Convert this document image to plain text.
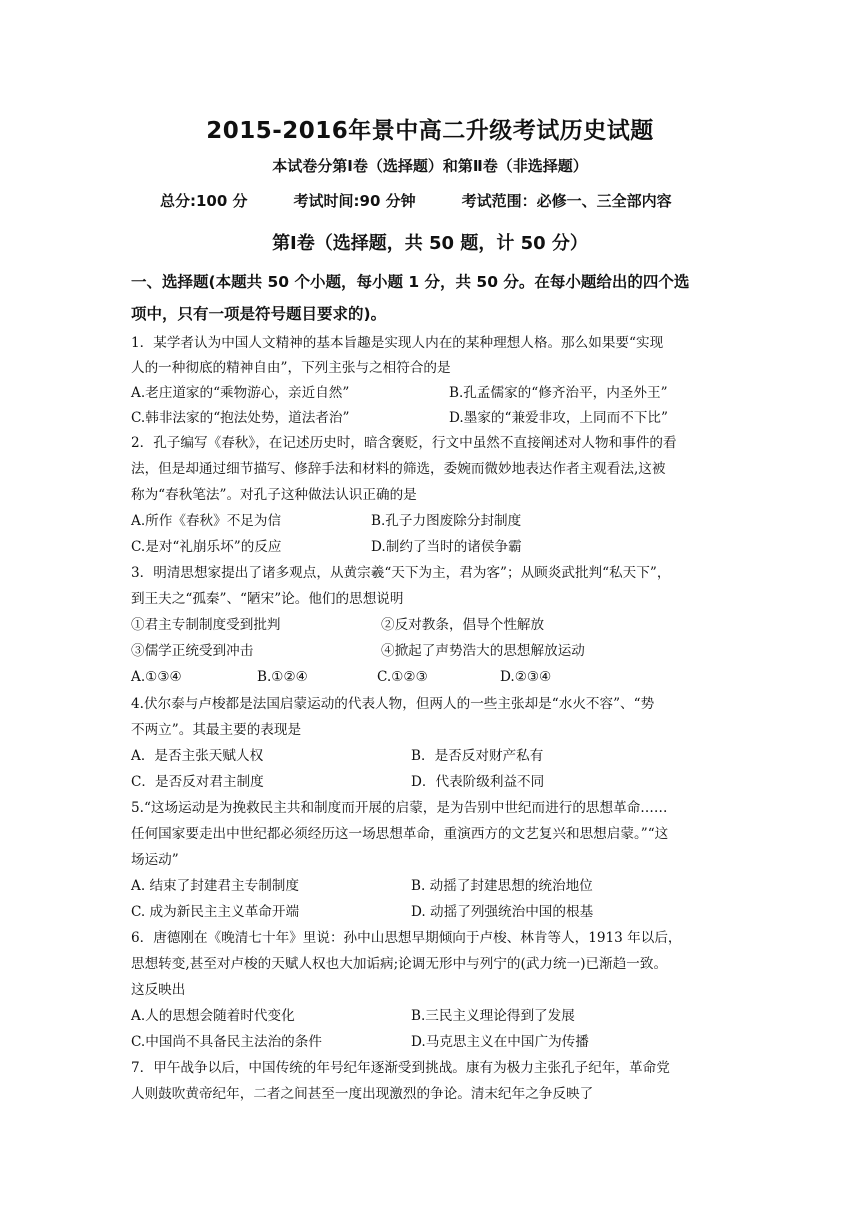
2015-2016年景中高二升级考试历史试题
本试卷分第Ⅰ卷（选择题）和第Ⅱ卷（非选择题）
总分:100 分	考试时间:90 分钟	考试范围：必修一、三全部内容
第Ⅰ卷（选择题，共 50 题，计 50 分）
一、选择题(本题共 50 个小题，每小题 1 分，共 50 分。在每小题给出的四个选
项中，只有一项是符号题目要求的)。
1．某学者认为中国人文精神的基本旨趣是实现人内在的某种理想人格。那么如果要“实现
人的一种彻底的精神自由”，下列主张与之相符合的是
A.老庄道家的“乘物游心，亲近自然”	B.孔孟儒家的“修齐治平，内圣外王”
C.韩非法家的“抱法处势，道法者治”	D.墨家的“兼爱非攻，上同而不下比”
2．孔子编写《春秋》，在记述历史时，暗含褒贬，行文中虽然不直接阐述对人物和事件的看
法，但是却通过细节描写、修辞手法和材料的筛选，委婉而微妙地表达作者主观看法,这被
称为“春秋笔法”。对孔子这种做法认识正确的是
A.所作《春秋》不足为信	B.孔子力图废除分封制度
C.是对“礼崩乐坏”的反应	D.制约了当时的诸侯争霸
3．明清思想家提出了诸多观点，从黄宗羲“天下为主，君为客”；从顾炎武批判“私天下”，
到王夫之“孤秦”、“陋宋”论。他们的思想说明
①君主专制制度受到批判	②反对教条，倡导个性解放
③儒学正统受到冲击	④掀起了声势浩大的思想解放运动
A.①③④	B.①②④	C.①②③	D.②③④
4.伏尔泰与卢梭都是法国启蒙运动的代表人物，但两人的一些主张却是“水火不容”、“势
不两立”。其最主要的表现是
A．是否主张天赋人权	B．是否反对财产私有
C．是否反对君主制度	D．代表阶级利益不同
5.“这场运动是为挽救民主共和制度而开展的启蒙，是为告别中世纪而进行的思想革命……
任何国家要走出中世纪都必须经历这一场思想革命，重演西方的文艺复兴和思想启蒙。”“这
场运动”
A. 结束了封建君主专制制度	B. 动摇了封建思想的统治地位
C. 成为新民主主义革命开端	D. 动摇了列强统治中国的根基
6．唐德刚在《晚清七十年》里说：孙中山思想早期倾向于卢梭、林肯等人，1913 年以后，
思想转变,甚至对卢梭的天赋人权也大加诟病;论调无形中与列宁的(武力统一)已渐趋一致。
这反映出
A.人的思想会随着时代变化	B.三民主义理论得到了发展
C.中国尚不具备民主法治的条件	D.马克思主义在中国广为传播
7．甲午战争以后，中国传统的年号纪年逐渐受到挑战。康有为极力主张孔子纪年，革命党
人则鼓吹黄帝纪年，二者之间甚至一度出现激烈的争论。清末纪年之争反映了
